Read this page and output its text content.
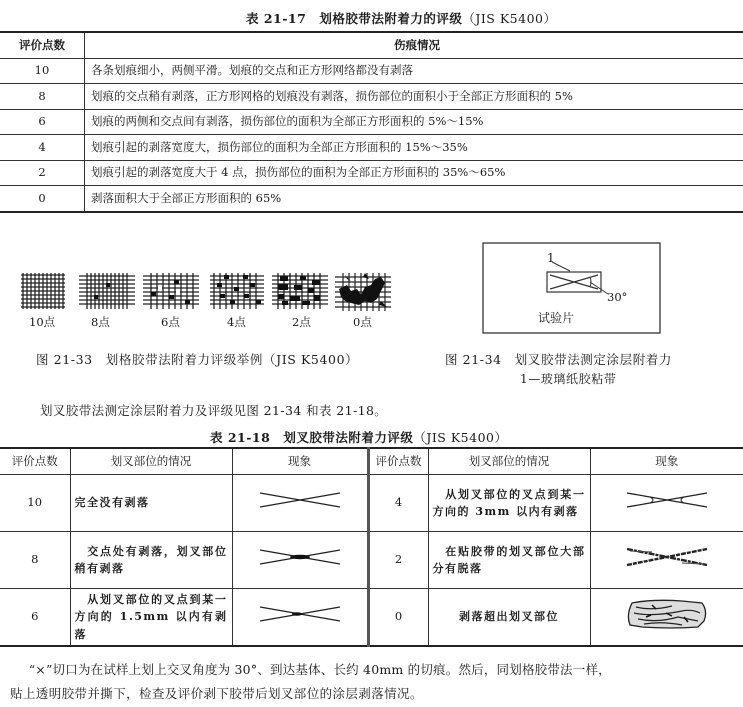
表 21-17　划格胶带法附着力的评级（JIS K5400）
评价点数	伤痕情况
10	各条划痕细小，两侧平滑。划痕的交点和正方形网络都没有剥落
8	划痕的交点稍有剥落，正方形网格的划痕没有剥落，损伤部位的面积小于全部正方形面积的 5%
6	划痕的两侧和交点间有剥落，损伤部位的面积为全部正方形面积的 5%～15%
4	划痕引起的剥落宽度大，损伤部位的面积为全部正方形面积的 15%～35%
2	划痕引起的剥落宽度大于 4 点，损伤部位的面积为全部正方形面积的 35%～65%
0	剥落面积大于全部正方形面积的 65%
10点	8点	6点	4点	2点	0点
图 21-33　划格胶带法附着力评级举例（JIS K5400）
1
30°
试验片
图 21-34　划叉胶带法测定涂层附着力
1—玻璃纸胶粘带
划叉胶带法测定涂层附着力及评级见图 21-34 和表 21-18。
表 21-18　划叉胶带法附着力评级（JIS K5400）
评价点数	划叉部位的情况	现象	评价点数	划叉部位的情况	现象
10	完全没有剥落		4	　从划叉部位的叉点到某一方向的 3mm 以内有剥落	
8	　交点处有剥落，划叉部位稍有剥落		2	　在贴胶带的划叉部位大部分有脱落	
6	　从划叉部位的叉点到某一方向的 1.5mm 以内有剥落		0	剥落超出划叉部位	
　“×”切口为在试样上划上交叉角度为 30°、到达基体、长约 40mm 的切痕。然后，同划格胶带法一样，
贴上透明胶带并撕下，检查及评价剥下胶带后划叉部位的涂层剥落情况。
